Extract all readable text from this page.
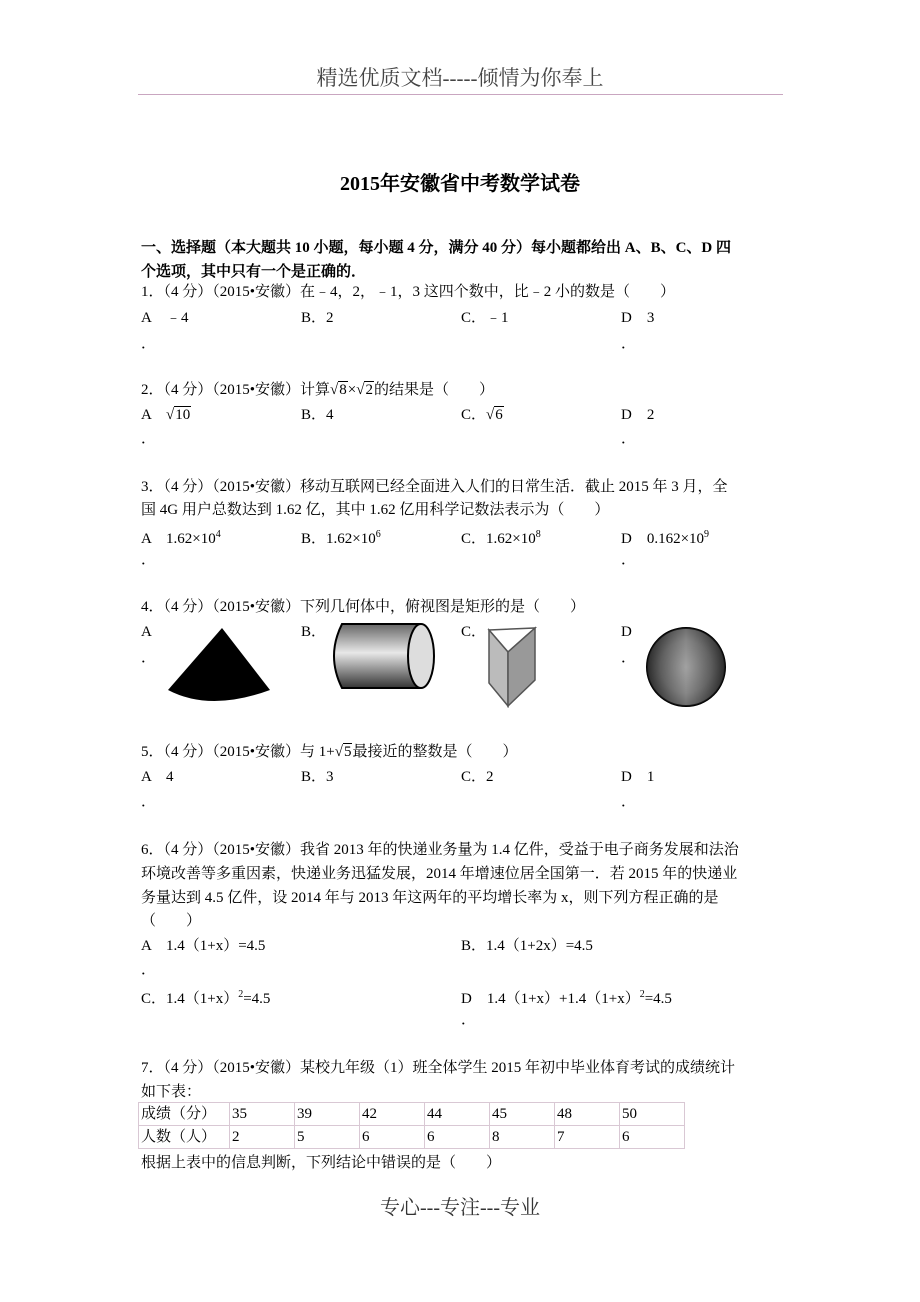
精选优质文档-----倾情为你奉上
2015年安徽省中考数学试卷
一、选择题（本大题共 10 小题，每小题 4 分，满分 40 分）每小题都给出 A、B、C、D 四
个选项，其中只有一个是正确的．
1．（4 分）（2015•安徽）在﹣4，2，﹣1，3 这四个数中，比﹣2 小的数是（　　）
A　﹣4	B．2	C．﹣1	D　3
．	．
2．（4 分）（2015•安徽）计算√8×√2的结果是（　　）
A　√10	B．4	C．√6	D　2
．	．
3．（4 分）（2015•安徽）移动互联网已经全面进入人们的日常生活．截止 2015 年 3 月，全
国 4G 用户总数达到 1.62 亿，其中 1.62 亿用科学记数法表示为（　　）
A　$1.62\times 10^4$	B．$1.62\times 10^6$	C．$1.62\times 10^8$	D　$0.162\times 10^9$
．	．
4．（4 分）（2015•安徽）下列几何体中，俯视图是矩形的是（　　）
A	B．	C．	D
．	．
5．（4 分）（2015•安徽）与 1+√5最接近的整数是（　　）
A　4	B．3	C．2	D　1
．	．
6．（4 分）（2015•安徽）我省 2013 年的快递业务量为 1.4 亿件，受益于电子商务发展和法治
环境改善等多重因素，快递业务迅猛发展，2014 年增速位居全国第一．若 2015 年的快递业
务量达到 4.5 亿件，设 2014 年与 2013 年这两年的平均增长率为 x，则下列方程正确的是
（　　）
A　1.4（1+x）=4.5	B．1.4（1+2x）=4.5
．
C．$1.4(1+x)^2=4.5$	D　$1.4(1+x)+1.4(1+x)^2=4.5$
．
7．（4 分）（2015•安徽）某校九年级（1）班全体学生 2015 年初中毕业体育考试的成绩统计
如下表：
成绩（分）	35	39	42	44	45	48	50
人数（人）	2	5	6	6	8	7	6
根据上表中的信息判断，下列结论中错误的是（　　）
专心---专注---专业
